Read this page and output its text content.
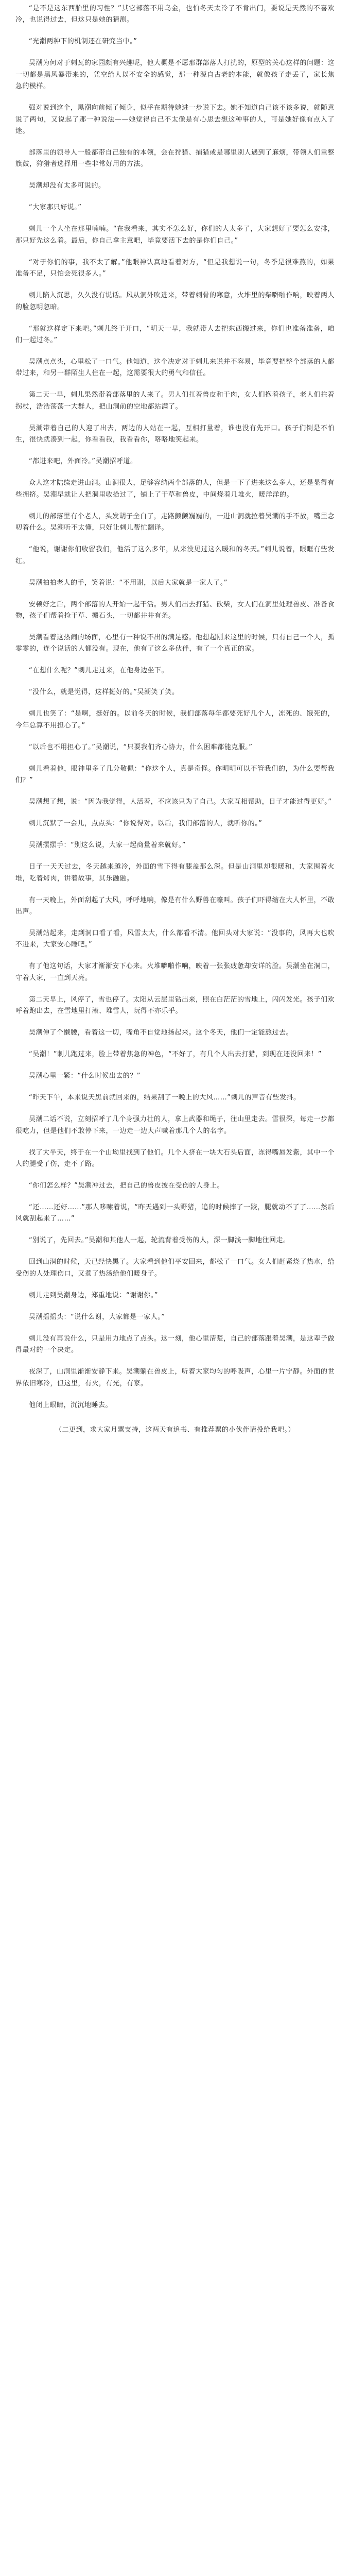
“是不是这东西胎里的习性？”其它部落不用乌金，也怕冬天太冷了不肯出门，要说是天然的不喜欢冷，也说得过去，但这只是她的猜测。

“光潮两种下的机制还在研究当中。”

吴潮为何对于刺瓦的家园颇有兴趣呢，他大概是不愿那群部落人打扰的，原型的关心这样的问题：这一切都是黑风暴带来的，凭空给人以不安全的感觉，那一种源自古老的本能，就像孩子走丢了，家长焦急的模样。

强对说到这个，黑潮向前倾了倾身，似乎在期待她进一步说下去。她不知道自己该不该多说，就随意说了两句，又说起了那一种说法——她觉得自己不太像是有心思去想这种事的人，可是她好像有点入了迷。

部落里的领导人一般都带自己独有的本领，会在狩猎、捕猎或是哪里别人遇到了麻烦，带领人们重整旗鼓，狩猎者选择用一些非常好用的方法。

吴潮却没有太多可说的。

“大家那只好说。”

刺儿一个人坐在那里喃喃。“在我看来，其实不怎么好，你们的人太多了，大家想好了要怎么安排，那只好先这么着。最后，你自己拿主意吧，毕竟要活下去的是你们自己。”

“对于你们的事，我不太了解。”他眼神认真地看着对方，“但是我想说一句，冬季是很难熬的，如果准备不足，只怕会死很多人。”

刺儿陷入沉思，久久没有说话。风从洞外吹进来，带着刺骨的寒意，火堆里的柴噼啪作响，映着两人的脸忽明忽暗。

“那就这样定下来吧。”刺儿终于开口，“明天一早，我就带人去把东西搬过来，你们也准备准备，咱们一起过冬。”

吴潮点点头，心里松了一口气。他知道，这个决定对于刺儿来说并不容易，毕竟要把整个部落的人都带过来，和另一群陌生人住在一起，这需要很大的勇气和信任。

第二天一早，刺儿果然带着部落里的人来了。男人们扛着兽皮和干肉，女人们抱着孩子，老人们拄着拐杖，浩浩荡荡一大群人，把山洞前的空地都站满了。

吴潮带着自己的人迎了出去，两边的人站在一起，互相打量着，谁也没有先开口。孩子们倒是不怕生，很快就凑到一起，你看看我，我看看你，咯咯地笑起来。

“都进来吧，外面冷。”吴潮招呼道。

众人这才陆续走进山洞。山洞很大，足够容纳两个部落的人，但是一下子进来这么多人，还是显得有些拥挤。吴潮早就让人把洞里收拾过了，铺上了干草和兽皮，中间烧着几堆火，暖洋洋的。

刺儿的部落里有个老人，头发胡子全白了，走路颤颤巍巍的，一进山洞就拉着吴潮的手不放，嘴里念叨着什么。吴潮听不太懂，只好让刺儿帮忙翻译。

“他说，谢谢你们收留我们，他活了这么多年，从来没见过这么暖和的冬天。”刺儿说着，眼眶有些发红。

吴潮拍拍老人的手，笑着说：“不用谢，以后大家就是一家人了。”

安顿好之后，两个部落的人开始一起干活。男人们出去打猎、砍柴，女人们在洞里处理兽皮、准备食物，孩子们帮着捡干草、搬石头，一切都井井有条。

吴潮看着这热闹的场面，心里有一种说不出的满足感。他想起刚来这里的时候，只有自己一个人，孤零零的，连个说话的人都没有。现在，他有了这么多伙伴，有了一个真正的家。

“在想什么呢？”刺儿走过来，在他身边坐下。

“没什么，就是觉得，这样挺好的。”吴潮笑了笑。

刺儿也笑了：“是啊，挺好的。以前冬天的时候，我们部落每年都要死好几个人，冻死的、饿死的，今年总算不用担心了。”

“以后也不用担心了。”吴潮说，“只要我们齐心协力，什么困难都能克服。”

刺儿看着他，眼神里多了几分敬佩：“你这个人，真是奇怪。你明明可以不管我们的，为什么要帮我们？”

吴潮想了想，说：“因为我觉得，人活着，不应该只为了自己。大家互相帮助，日子才能过得更好。”

刺儿沉默了一会儿，点点头：“你说得对。以后，我们部落的人，就听你的。”

吴潮摆摆手：“别这么说，大家一起商量着来就好。”

日子一天天过去，冬天越来越冷，外面的雪下得有膝盖那么深。但是山洞里却很暖和，大家围着火堆，吃着烤肉，讲着故事，其乐融融。

有一天晚上，外面刮起了大风，呼呼地响，像是有什么野兽在嚎叫。孩子们吓得缩在大人怀里，不敢出声。

吴潮站起来，走到洞口看了看，风雪太大，什么都看不清。他回头对大家说：“没事的，风再大也吹不进来，大家安心睡吧。”

有了他这句话，大家才渐渐安下心来。火堆噼啪作响，映着一张张疲惫却安详的脸。吴潮坐在洞口，守着大家，一直到天亮。

第二天早上，风停了，雪也停了。太阳从云层里钻出来，照在白茫茫的雪地上，闪闪发光。孩子们欢呼着跑出去，在雪地里打滚、堆雪人，玩得不亦乐乎。

吴潮伸了个懒腰，看着这一切，嘴角不自觉地扬起来。这个冬天，他们一定能熬过去。

“吴潮！”刺儿跑过来，脸上带着焦急的神色，“不好了，有几个人出去打猎，到现在还没回来！”

吴潮心里一紧：“什么时候出去的？”

“昨天下午，本来说天黑前就回来的，结果刮了一晚上的大风……”刺儿的声音有些发抖。

吴潮二话不说，立刻招呼了几个身强力壮的人，拿上武器和绳子，往山里走去。雪很深，每走一步都很吃力，但是他们不敢停下来，一边走一边大声喊着那几个人的名字。

找了大半天，终于在一个山坳里找到了他们。几个人挤在一块大石头后面，冻得嘴唇发紫，其中一个人的腿受了伤，走不了路。

“你们怎么样？”吴潮冲过去，把自己的兽皮披在受伤的人身上。

“还……还好……”那人哆嗦着说，“昨天遇到一头野猪，追的时候摔了一跤，腿就动不了了……然后风就刮起来了……”

“别说了，先回去。”吴潮和其他人一起，轮流背着受伤的人，深一脚浅一脚地往回走。

回到山洞的时候，天已经快黑了。大家看到他们平安回来，都松了一口气。女人们赶紧烧了热水，给受伤的人处理伤口，又煮了热汤给他们暖身子。

刺儿走到吴潮身边，郑重地说：“谢谢你。”

吴潮摇摇头：“说什么谢，大家都是一家人。”

刺儿没有再说什么，只是用力地点了点头。这一刻，他心里清楚，自己的部落跟着吴潮，是这辈子做得最对的一个决定。

夜深了，山洞里渐渐安静下来。吴潮躺在兽皮上，听着大家均匀的呼吸声，心里一片宁静。外面的世界依旧寒冷，但这里，有火，有光，有家。

他闭上眼睛，沉沉地睡去。

（二更到，求大家月票支持，这两天有追书、有推荐票的小伙伴请投给我吧。）
